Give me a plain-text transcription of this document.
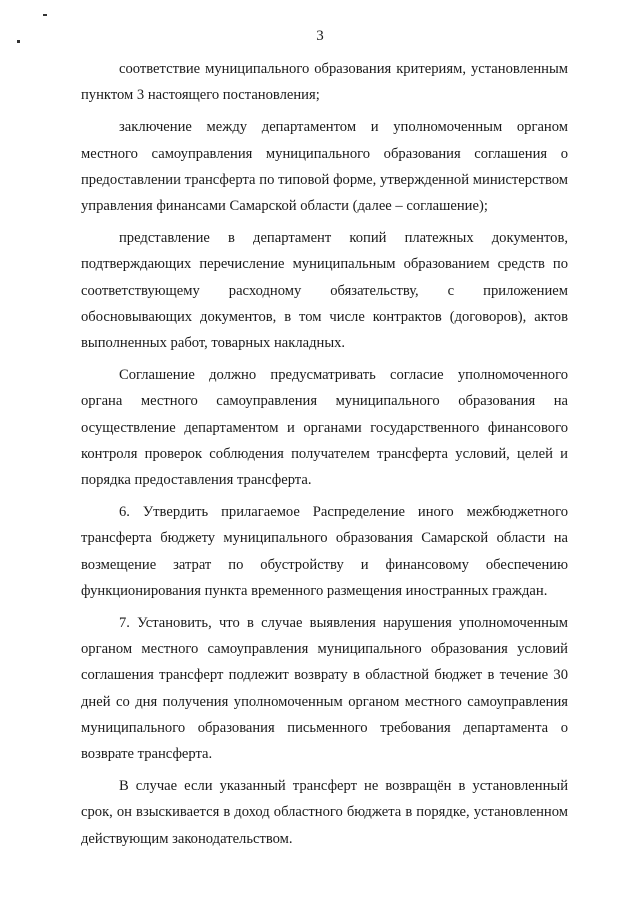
3

соответствие муниципального образования критериям, установленным пунктом 3 настоящего постановления;

заключение между департаментом и уполномоченным органом местного самоуправления муниципального образования соглашения о предоставлении трансферта по типовой форме, утвержденной министерством управления финансами Самарской области (далее – соглашение);

представление в департамент копий платежных документов, подтверждающих перечисление муниципальным образованием средств по соответствующему расходному обязательству, с приложением обосновывающих документов, в том числе контрактов (договоров), актов выполненных работ, товарных накладных.

Соглашение должно предусматривать согласие уполномоченного органа местного самоуправления муниципального образования на осуществление департаментом и органами государственного финансового контроля проверок соблюдения получателем трансферта условий, целей и порядка предоставления трансферта.

6. Утвердить прилагаемое Распределение иного межбюджетного трансферта бюджету муниципального образования Самарской области на возмещение затрат по обустройству и финансовому обеспечению функционирования пункта временного размещения иностранных граждан.

7. Установить, что в случае выявления нарушения уполномоченным органом местного самоуправления муниципального образования условий соглашения трансферт подлежит возврату в областной бюджет в течение 30 дней со дня получения уполномоченным органом местного самоуправления муниципального образования письменного требования департамента о возврате трансферта.

В случае если указанный трансферт не возвращён в установленный срок, он взыскивается в доход областного бюджета в порядке, установленном действующим законодательством.
